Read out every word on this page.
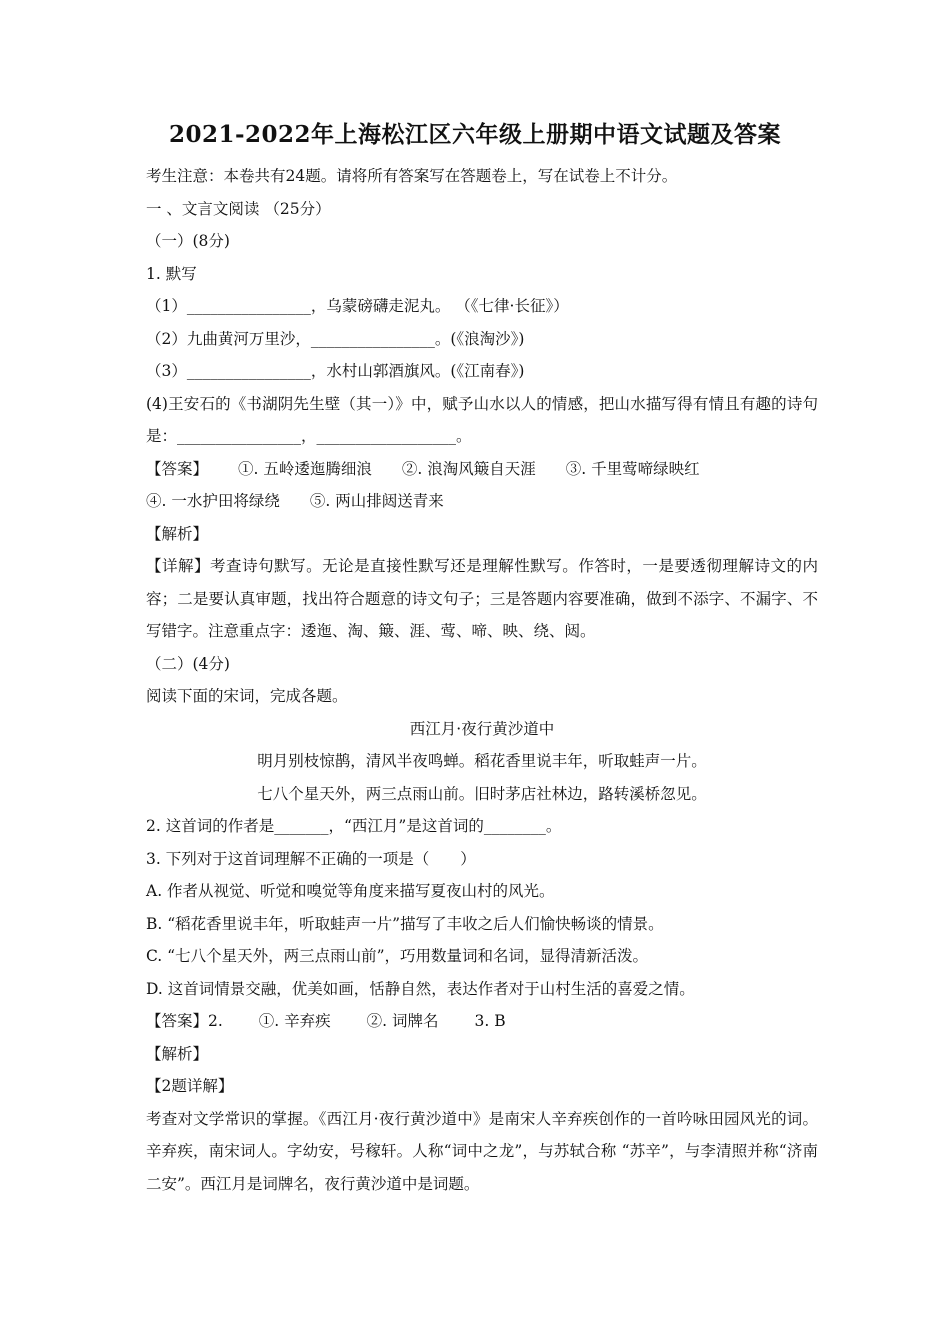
2021-2022年上海松江区六年级上册期中语文试题及答案
考生注意：本卷共有24题。请将所有答案写在答题卷上，写在试卷上不计分。
一 、文言文阅读 （25分）
（一）(8分)
1. 默写
（1）________________，乌蒙磅礴走泥丸。 （《七律·长征》）
（2）九曲黄河万里沙，________________。(《浪淘沙》)
（3）________________，水村山郭酒旗风。(《江南春》)
(4)王安石的《书湖阴先生壁（其一）》中，赋予山水以人的情感，把山水描写得有情且有趣的诗句是：________________，__________________。
【答案】 ①. 五岭逶迤腾细浪 ②. 浪淘风簸自天涯 ③. 千里莺啼绿映红
④. 一水护田将绿绕 ⑤. 两山排闼送青来
【解析】
【详解】考查诗句默写。无论是直接性默写还是理解性默写。作答时，一是要透彻理解诗文的内容；二是要认真审题，找出符合题意的诗文句子；三是答题内容要准确，做到不添字、不漏字、不写错字。注意重点字：逶迤、淘、簸、涯、莺、啼、映、绕、闼。
（二）(4分)
阅读下面的宋词，完成各题。
西江月·夜行黄沙道中
明月别枝惊鹊，清风半夜鸣蝉。稻花香里说丰年，听取蛙声一片。
七八个星天外，两三点雨山前。旧时茅店社林边，路转溪桥忽见。
2. 这首词的作者是_______，“西江月”是这首词的________。
3. 下列对于这首词理解不正确的一项是（　　）
A. 作者从视觉、听觉和嗅觉等角度来描写夏夜山村的风光。
B. “稻花香里说丰年，听取蛙声一片”描写了丰收之后人们愉快畅谈的情景。
C. “七八个星天外，两三点雨山前”，巧用数量词和名词，显得清新活泼。
D. 这首词情景交融，优美如画，恬静自然，表达作者对于山村生活的喜爱之情。
【答案】2. ①. 辛弃疾 ②. 词牌名 3. B
【解析】
【2题详解】
考查对文学常识的掌握。《西江月·夜行黄沙道中》是南宋人辛弃疾创作的一首吟咏田园风光的词。辛弃疾，南宋词人。字幼安，号稼轩。人称“词中之龙”，与苏轼合称 “苏辛”，与李清照并称“济南二安”。西江月是词牌名，夜行黄沙道中是词题。
